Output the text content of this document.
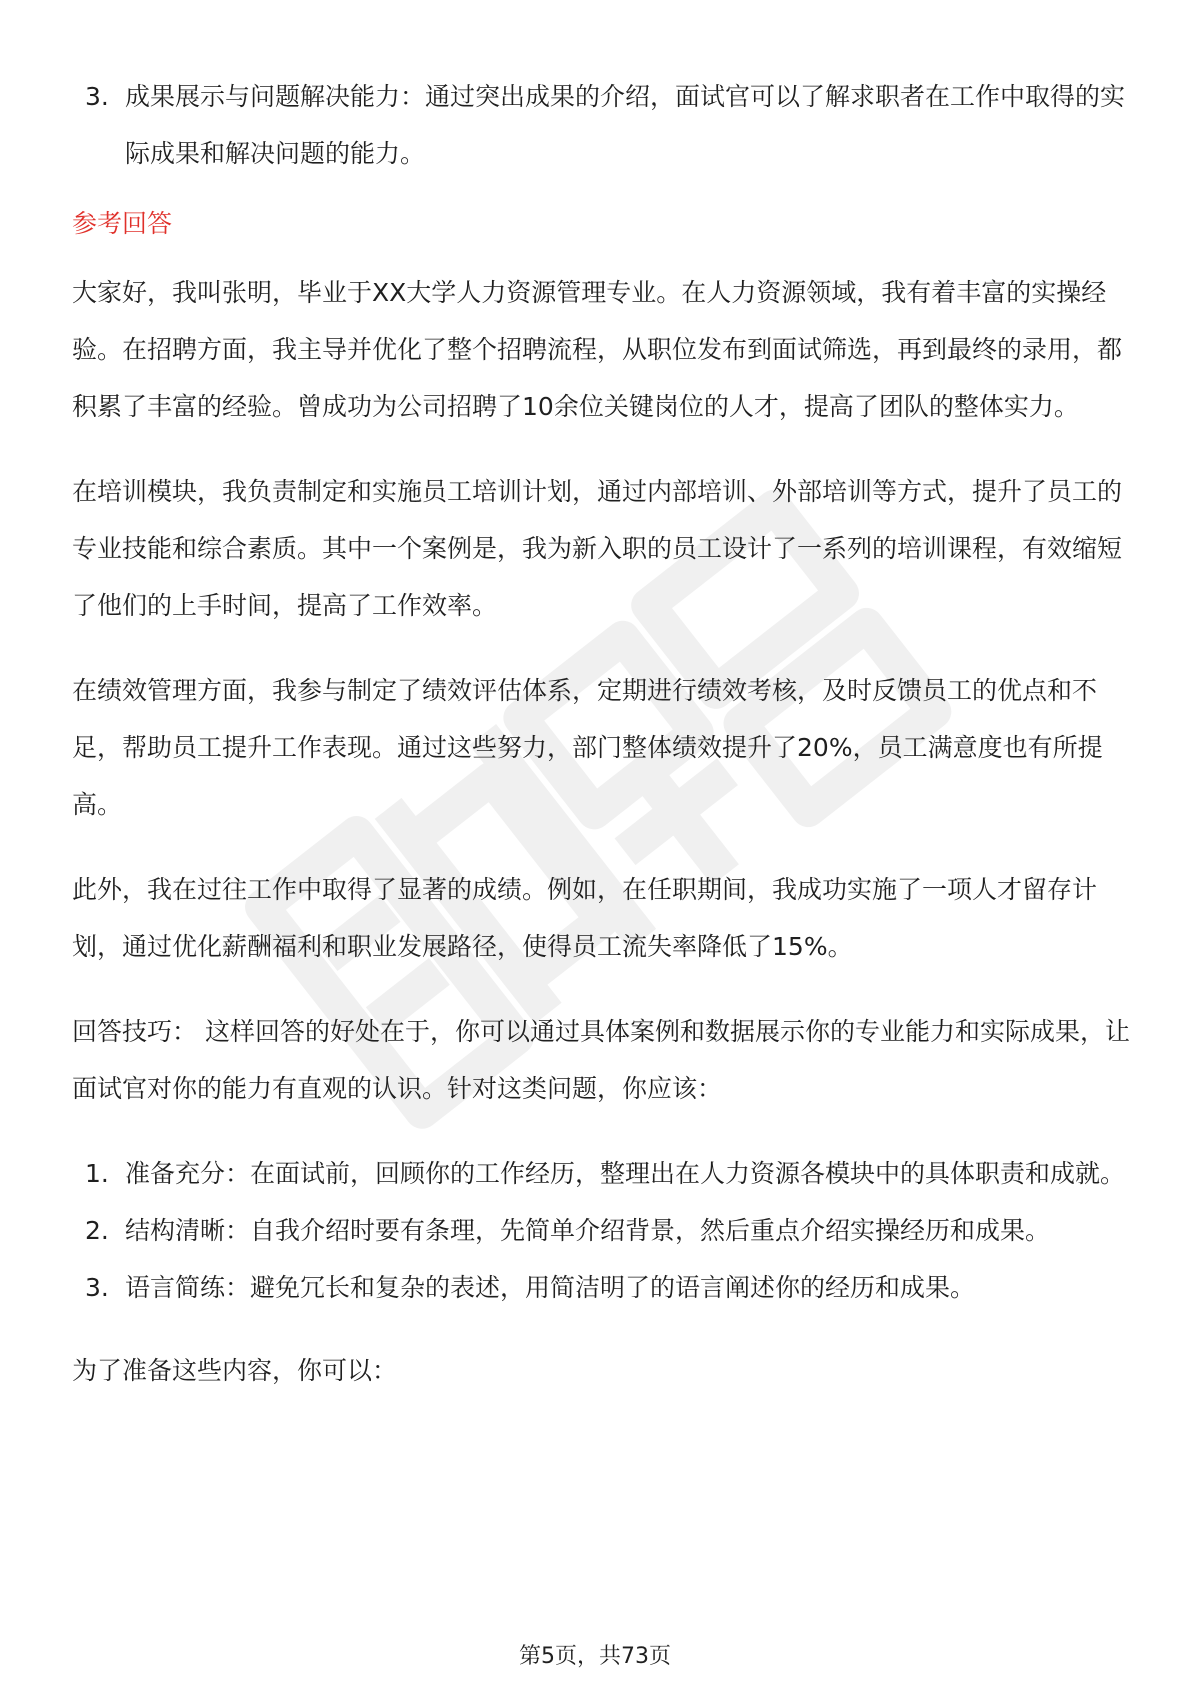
3. 成果展示与问题解决能力：通过突出成果的介绍，面试官可以了解求职者在工作中取得的实际成果和解决问题的能力。
参考回答

大家好，我叫张明，毕业于XX大学人力资源管理专业。在人力资源领域，我有着丰富的实操经验。在招聘方面，我主导并优化了整个招聘流程，从职位发布到面试筛选，再到最终的录用，都积累了丰富的经验。曾成功为公司招聘了10余位关键岗位的人才，提高了团队的整体实力。

在培训模块，我负责制定和实施员工培训计划，通过内部培训、外部培训等方式，提升了员工的专业技能和综合素质。其中一个案例是，我为新入职的员工设计了一系列的培训课程，有效缩短了他们的上手时间，提高了工作效率。

在绩效管理方面，我参与制定了绩效评估体系，定期进行绩效考核，及时反馈员工的优点和不足，帮助员工提升工作表现。通过这些努力，部门整体绩效提升了20%，员工满意度也有所提高。

此外，我在过往工作中取得了显著的成绩。例如，在任职期间，我成功实施了一项人才留存计划，通过优化薪酬福利和职业发展路径，使得员工流失率降低了15%。

回答技巧： 这样回答的好处在于，你可以通过具体案例和数据展示你的专业能力和实际成果，让面试官对你的能力有直观的认识。针对这类问题，你应该：

1. 准备充分：在面试前，回顾你的工作经历，整理出在人力资源各模块中的具体职责和成就。
2. 结构清晰：自我介绍时要有条理，先简单介绍背景，然后重点介绍实操经历和成果。
3. 语言简练：避免冗长和复杂的表述，用简洁明了的语言阐述你的经历和成果。

为了准备这些内容，你可以：

第5页，共73页
